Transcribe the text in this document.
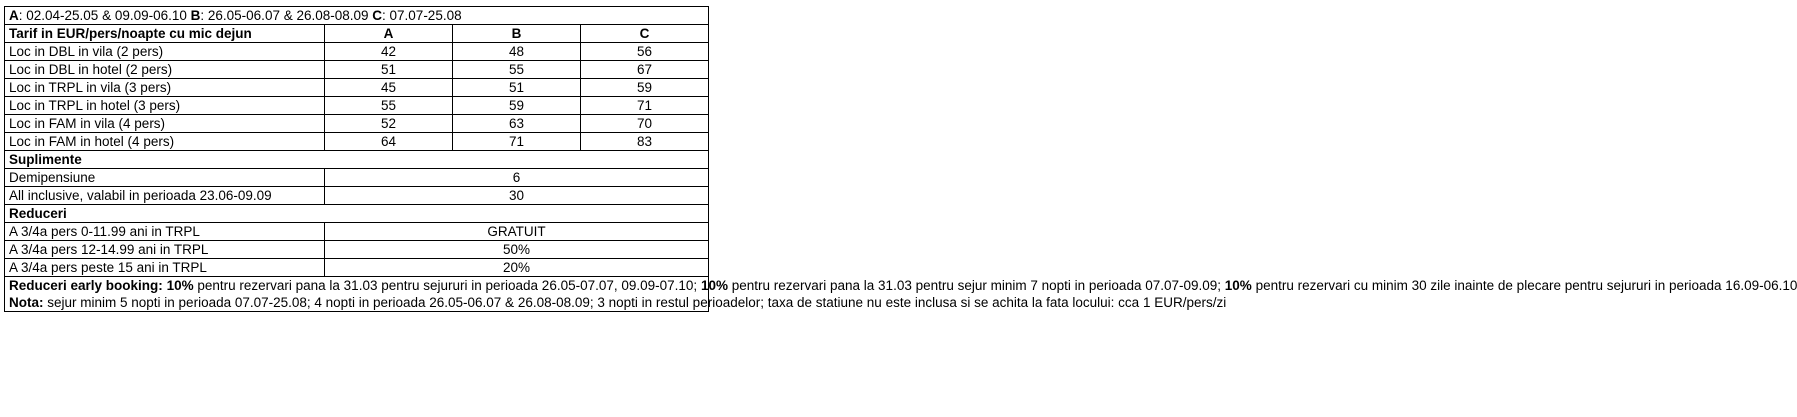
A: 02.04-25.05 & 09.09-06.10 B: 26.05-06.07 & 26.08-08.09 C: 07.07-25.08			
Tarif in EUR/pers/noapte cu mic dejun	A	B	C
Loc in DBL in vila (2 pers)	42	48	56
Loc in DBL in hotel (2 pers)	51	55	67
Loc in TRPL in vila (3 pers)	45	51	59
Loc in TRPL in hotel (3 pers)	55	59	71
Loc in FAM in vila (4 pers)	52	63	70
Loc in FAM in hotel (4 pers)	64	71	83
Suplimente			
Demipensiune	6		
All inclusive, valabil in perioada 23.06-09.09	30		
Reduceri			
A 3/4a pers 0-11.99 ani in TRPL	GRATUIT		
A 3/4a pers 12-14.99 ani in TRPL	50%		
A 3/4a pers peste 15 ani in TRPL	20%		

Reduceri early booking: 10% pentru rezervari pana la 31.03 pentru sejururi in perioada 26.05-07.07, 09.09-07.10; 10% pentru rezervari pana la 31.03 pentru sejur minim 7 nopti in perioada 07.07-09.09; 10% pentru rezervari cu minim 30 zile inainte de plecare pentru sejururi in perioada 16.09-06.10
Nota: sejur minim 5 nopti in perioada 07.07-25.08; 4 nopti in perioada 26.05-06.07 & 26.08-08.09; 3 nopti in restul perioadelor; taxa de statiune nu este inclusa si se achita la fata locului: cca 1 EUR/pers/zi			
